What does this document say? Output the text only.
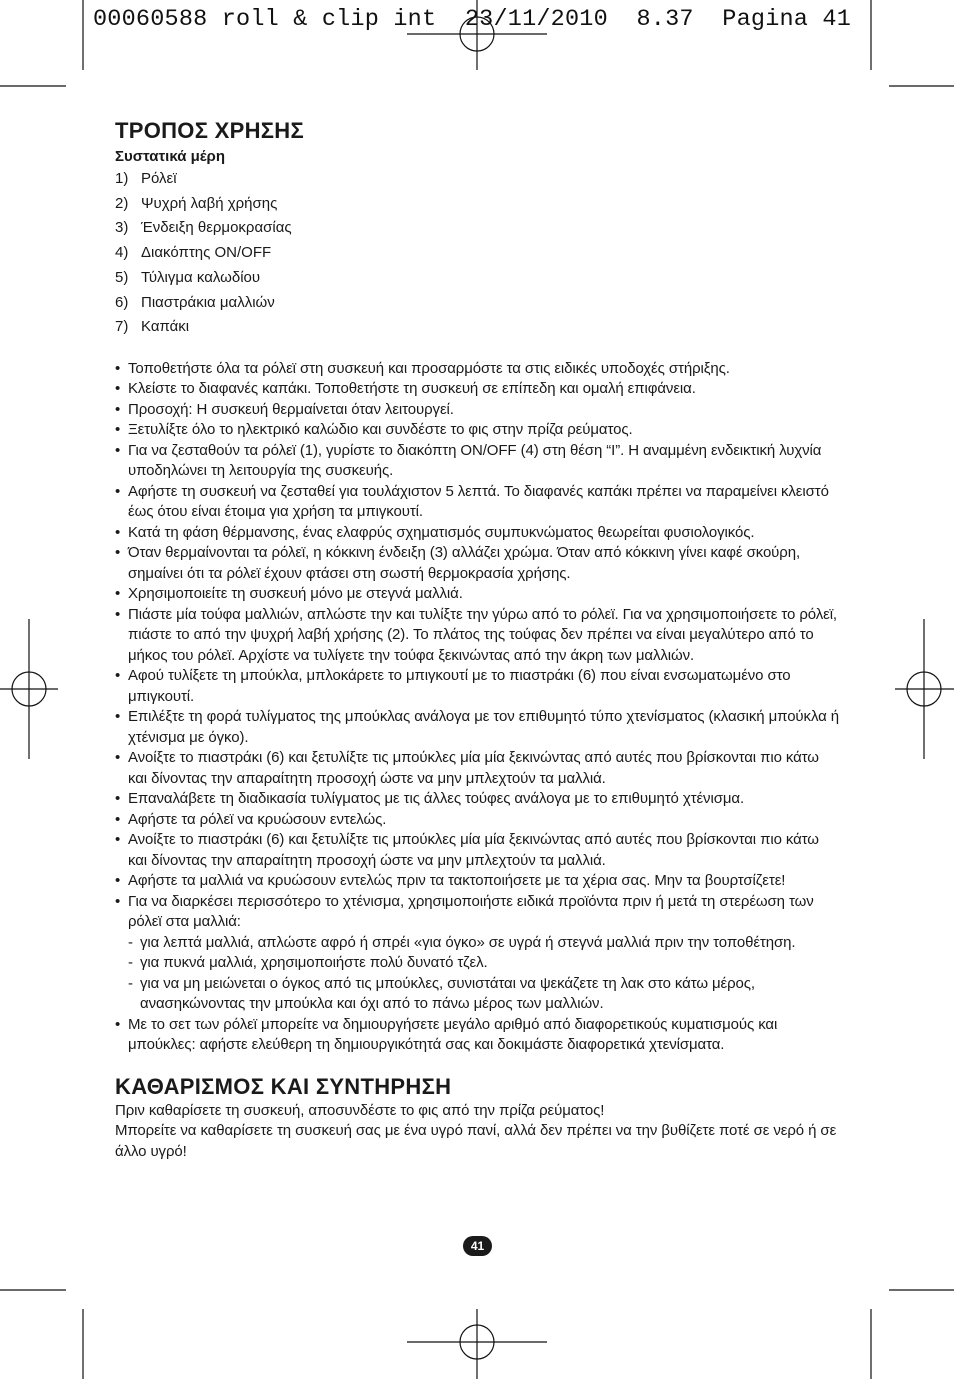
00060588 roll & clip int  23/11/2010  8.37  Pagina 41

ΤΡΟΠΟΣ ΧΡΗΣΗΣ
Συστατικά μέρη
1) Ρόλεϊ
2) Ψυχρή λαβή χρήσης
3) Ένδειξη θερμοκρασίας
4) Διακόπτης ON/OFF
5) Τύλιγμα καλωδίου
6) Πιαστράκια μαλλιών
7) Καπάκι
• Τοποθετήστε όλα τα ρόλεϊ στη συσκευή και προσαρμόστε τα στις ειδικές υποδοχές στήριξης.
• Κλείστε το διαφανές καπάκι. Τοποθετήστε τη συσκευή σε επίπεδη και ομαλή επιφάνεια.
• Προσοχή: Η συσκευή θερμαίνεται όταν λειτουργεί.
• Ξετυλίξτε όλο το ηλεκτρικό καλώδιο και συνδέστε το φις στην πρίζα ρεύματος.
• Για να ζεσταθούν τα ρόλεϊ (1), γυρίστε το διακόπτη ON/OFF (4) στη θέση “I”. Η αναμμένη ενδεικτική λυχνία υποδηλώνει τη λειτουργία της συσκευής.
• Αφήστε τη συσκευή να ζεσταθεί για τουλάχιστον 5 λεπτά. Το διαφανές καπάκι πρέπει να παραμείνει κλειστό έως ότου είναι έτοιμα για χρήση τα μπιγκουτί.
• Κατά τη φάση θέρμανσης, ένας ελαφρύς σχηματισμός συμπυκνώματος θεωρείται φυσιολογικός.
• Όταν θερμαίνονται τα ρόλεϊ, η κόκκινη ένδειξη (3) αλλάζει χρώμα. Όταν από κόκκινη γίνει καφέ σκούρη, σημαίνει ότι τα ρόλεϊ έχουν φτάσει στη σωστή θερμοκρασία χρήσης.
• Χρησιμοποιείτε τη συσκευή μόνο με στεγνά μαλλιά.
• Πιάστε μία τούφα μαλλιών, απλώστε την και τυλίξτε την γύρω από το ρόλεϊ. Για να χρησιμοποιήσετε το ρόλεϊ, πιάστε το από την ψυχρή λαβή χρήσης (2). Το πλάτος της τούφας δεν πρέπει να είναι μεγαλύτερο από το μήκος του ρόλεϊ. Αρχίστε να τυλίγετε την τούφα ξεκινώντας από την άκρη των μαλλιών.
• Αφού τυλίξετε τη μπούκλα, μπλοκάρετε το μπιγκουτί με το πιαστράκι (6) που είναι ενσωματωμένο στο μπιγκουτί.
• Επιλέξτε τη φορά τυλίγματος της μπούκλας ανάλογα με τον επιθυμητό τύπο χτενίσματος (κλασική μπούκλα ή χτένισμα με όγκο).
• Ανοίξτε το πιαστράκι (6) και ξετυλίξτε τις μπούκλες μία μία ξεκινώντας από αυτές που βρίσκονται πιο κάτω και δίνοντας την απαραίτητη προσοχή ώστε να μην μπλεχτούν τα μαλλιά.
• Επαναλάβετε τη διαδικασία τυλίγματος με τις άλλες τούφες ανάλογα με το επιθυμητό χτένισμα.
• Αφήστε τα ρόλεϊ να κρυώσουν εντελώς.
• Ανοίξτε το πιαστράκι (6) και ξετυλίξτε τις μπούκλες μία μία ξεκινώντας από αυτές που βρίσκονται πιο κάτω και δίνοντας την απαραίτητη προσοχή ώστε να μην μπλεχτούν τα μαλλιά.
• Αφήστε τα μαλλιά να κρυώσουν εντελώς πριν τα τακτοποιήσετε με τα χέρια σας. Μην τα βουρτσίζετε!
• Για να διαρκέσει περισσότερο το χτένισμα, χρησιμοποιήστε ειδικά προϊόντα πριν ή μετά τη στερέωση των ρόλεϊ στα μαλλιά:
- για λεπτά μαλλιά, απλώστε αφρό ή σπρέι «για όγκο» σε υγρά ή στεγνά μαλλιά πριν την τοποθέτηση.
- για πυκνά μαλλιά, χρησιμοποιήστε πολύ δυνατό τζελ.
- για να μη μειώνεται ο όγκος από τις μπούκλες, συνιστάται να ψεκάζετε τη λακ στο κάτω μέρος, ανασηκώνοντας την μπούκλα και όχι από το πάνω μέρος των μαλλιών.
• Με το σετ των ρόλεϊ μπορείτε να δημιουργήσετε μεγάλο αριθμό από διαφορετικούς κυματισμούς και μπούκλες: αφήστε ελεύθερη τη δημιουργικότητά σας και δοκιμάστε διαφορετικά χτενίσματα.
ΚΑΘΑΡΙΣΜΟΣ ΚΑΙ ΣΥΝΤΗΡΗΣΗ

Πριν καθαρίσετε τη συσκευή, αποσυνδέστε το φις από την πρίζα ρεύματος!

Μπορείτε να καθαρίσετε τη συσκευή σας με ένα υγρό πανί, αλλά δεν πρέπει να την βυθίζετε ποτέ σε νερό ή σε άλλο υγρό!

41
